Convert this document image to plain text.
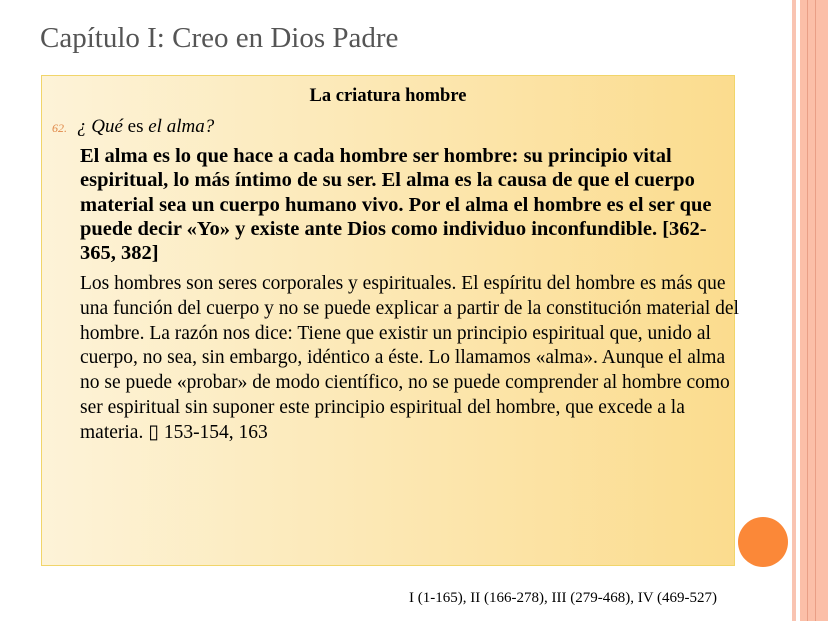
Capítulo I: Creo en Dios Padre
La criatura hombre
62. ¿ Qué es el alma?
El alma es lo que hace a cada hombre ser hombre: su principio vital espiritual, lo más íntimo de su ser. El alma es la causa de que el cuerpo material sea un cuerpo humano vivo. Por el alma el hombre es el ser que puede decir «Yo» y existe ante Dios como individuo inconfundible. [362-365, 382]
Los hombres son seres corporales y espirituales. El espíritu del hombre es más que una función del cuerpo y no se puede explicar a partir de la constitución material del hombre. La razón nos dice: Tiene que existir un principio espiritual que, unido al cuerpo, no sea, sin embargo, idéntico a éste. Lo llamamos «alma». Aunque el alma no se puede «probar» de modo científico, no se puede comprender al hombre como ser espiritual sin suponer este principio espiritual del hombre, que excede a la materia. ▯ 153-154, 163
I (1-165), II (166-278), III (279-468), IV (469-527)
